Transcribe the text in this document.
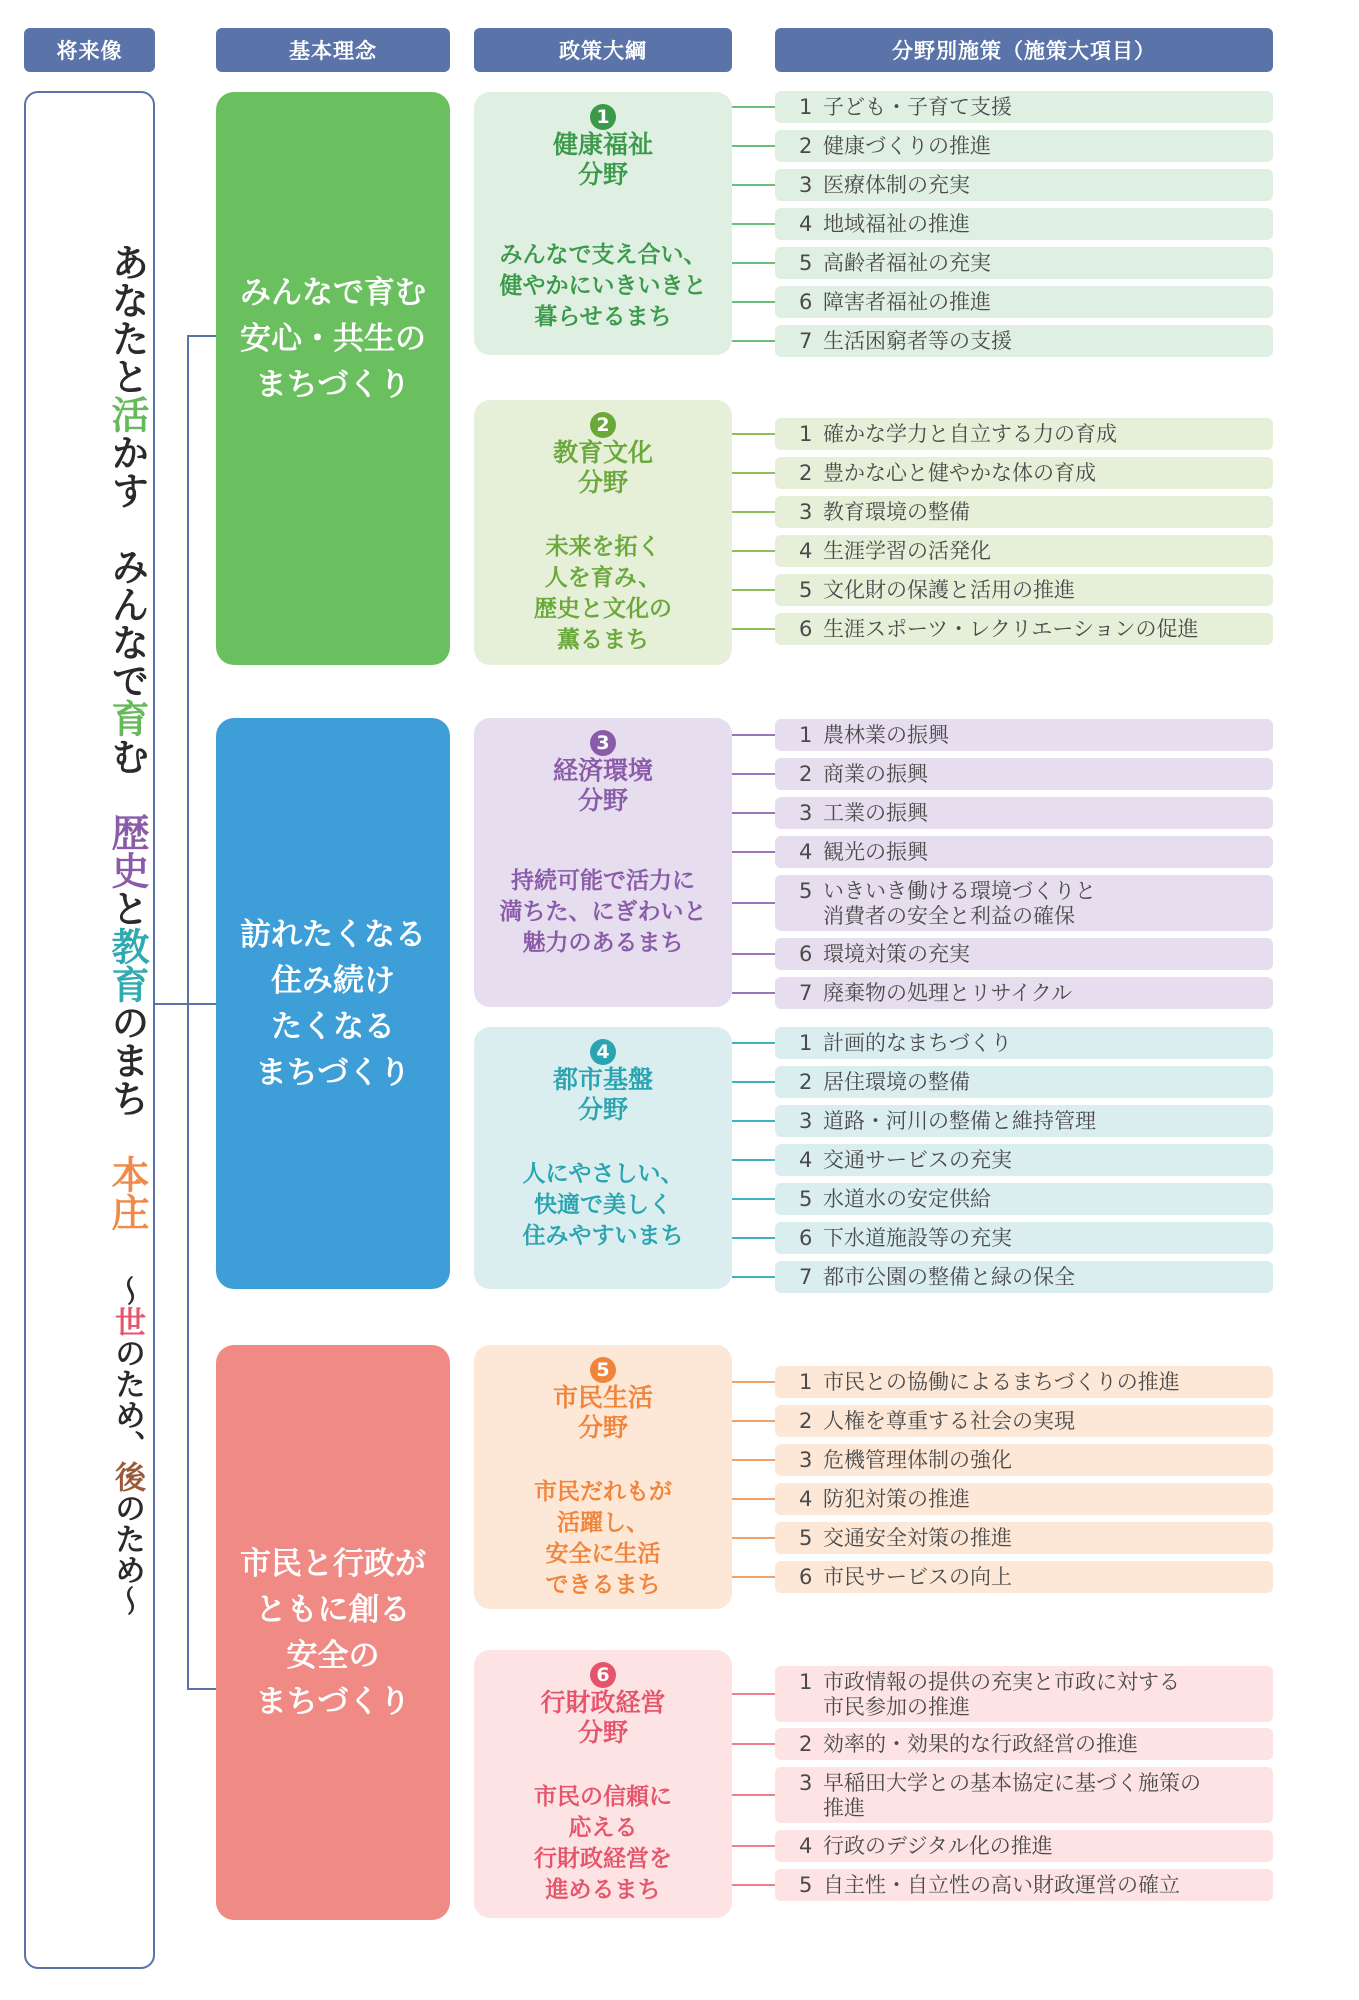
将来像	基本理念	政策大綱	分野別施策（施策大項目）
あなたと活かす　みんなで育む　歴史と教育のまち　本庄 ～世のため、後のため～
みんなで育む
安心・共生の
まちづくり
訪れたくなる
住み続け
たくなる
まちづくり
市民と行政が
ともに創る
安全の
まちづくり
1
健康福祉
分野
みんなで支え合い、
健やかにいきいきと
暮らせるまち
1 子ども・子育て支援
2 健康づくりの推進
3 医療体制の充実
4 地域福祉の推進
5 高齢者福祉の充実
6 障害者福祉の推進
7 生活困窮者等の支援
2
教育文化
分野
未来を拓く
人を育み、
歴史と文化の
薫るまち
1 確かな学力と自立する力の育成
2 豊かな心と健やかな体の育成
3 教育環境の整備
4 生涯学習の活発化
5 文化財の保護と活用の推進
6 生涯スポーツ・レクリエーションの促進
3
経済環境
分野
持続可能で活力に
満ちた、にぎわいと
魅力のあるまち
1 農林業の振興
2 商業の振興
3 工業の振興
4 観光の振興
5 いきいき働ける環境づくりと
消費者の安全と利益の確保
6 環境対策の充実
7 廃棄物の処理とリサイクル
4
都市基盤
分野
人にやさしい、
快適で美しく
住みやすいまち
1 計画的なまちづくり
2 居住環境の整備
3 道路・河川の整備と維持管理
4 交通サービスの充実
5 水道水の安定供給
6 下水道施設等の充実
7 都市公園の整備と緑の保全
5
市民生活
分野
市民だれもが
活躍し、
安全に生活
できるまち
1 市民との協働によるまちづくりの推進
2 人権を尊重する社会の実現
3 危機管理体制の強化
4 防犯対策の推進
5 交通安全対策の推進
6 市民サービスの向上
6
行財政経営
分野
市民の信頼に
応える
行財政経営を
進めるまち
1 市政情報の提供の充実と市政に対する
市民参加の推進
2 効率的・効果的な行政経営の推進
3 早稲田大学との基本協定に基づく施策の
推進
4 行政のデジタル化の推進
5 自主性・自立性の高い財政運営の確立
